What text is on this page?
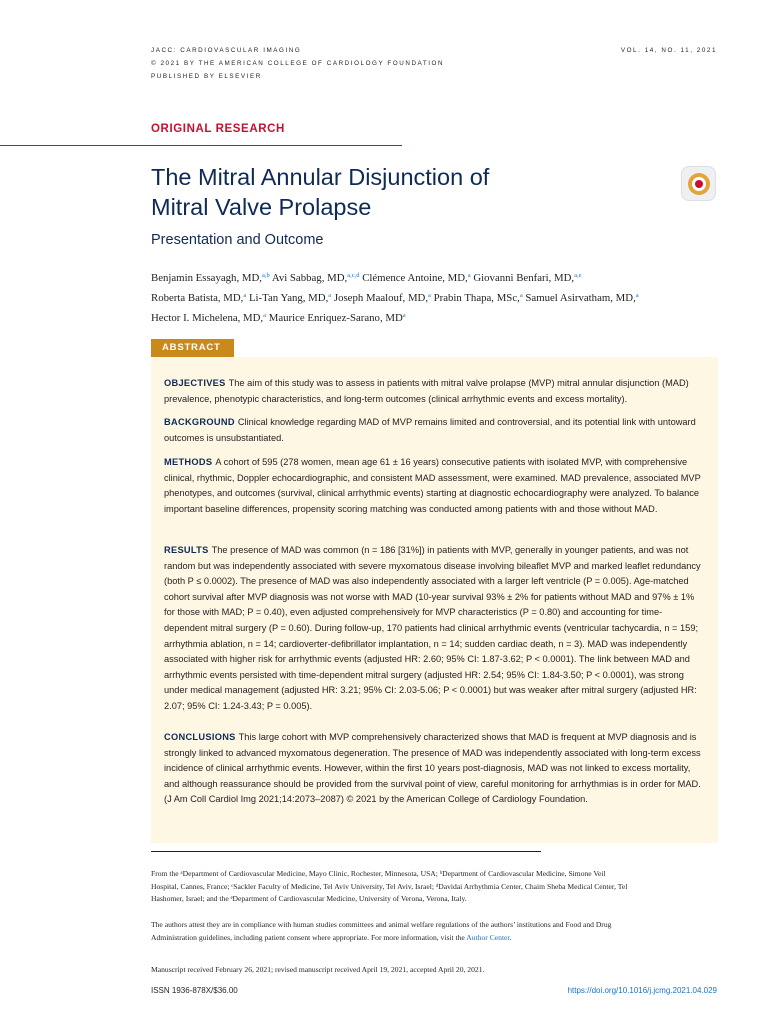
JACC: CARDIOVASCULAR IMAGING
© 2021 BY THE AMERICAN COLLEGE OF CARDIOLOGY FOUNDATION
PUBLISHED BY ELSEVIER
VOL. 14, NO. 11, 2021
ORIGINAL RESEARCH
The Mitral Annular Disjunction of
Mitral Valve Prolapse
Presentation and Outcome
Benjamin Essayagh, MD,$^{a,b}$ Avi Sabbag, MD,$^{a,c,d}$ Clémence Antoine, MD,$^a$ Giovanni Benfari, MD,$^{a,e}$
Roberta Batista, MD,$^a$ Li-Tan Yang, MD,$^a$ Joseph Maalouf, MD,$^a$ Prabin Thapa, MSc,$^a$ Samuel Asirvatham, MD,$^a$
Hector I. Michelena, MD,$^a$ Maurice Enriquez-Sarano, $MD^a$
ABSTRACT
OBJECTIVES The aim of this study was to assess in patients with mitral valve prolapse (MVP) mitral annular disjunction (MAD) prevalence, phenotypic characteristics, and long-term outcomes (clinical arrhythmic events and excess mortality).
BACKGROUND Clinical knowledge regarding MAD of MVP remains limited and controversial, and its potential link with untoward outcomes is unsubstantiated.
METHODS A cohort of 595 (278 women, mean age 61 ± 16 years) consecutive patients with isolated MVP, with comprehensive clinical, rhythmic, Doppler echocardiographic, and consistent MAD assessment, were examined. MAD prevalence, associated MVP phenotypes, and outcomes (survival, clinical arrhythmic events) starting at diagnostic echocardiography were analyzed. To balance important baseline differences, propensity scoring matching was conducted among patients with and those without MAD.
RESULTS The presence of MAD was common (n = 186 [31%]) in patients with MVP, generally in younger patients, and was not random but was independently associated with severe myxomatous disease involving bileaflet MVP and marked leaflet redundancy (both P ≤ 0.0002). The presence of MAD was also independently associated with a larger left ventricle (P = 0.005). Age-matched cohort survival after MVP diagnosis was not worse with MAD (10-year survival 93% ± 2% for patients without MAD and 97% ± 1% for those with MAD; P = 0.40), even adjusted comprehensively for MVP characteristics (P = 0.80) and accounting for time-dependent mitral surgery (P = 0.60). During follow-up, 170 patients had clinical arrhythmic events (ventricular tachycardia, n = 159; arrhythmia ablation, n = 14; cardioverter-defibrillator implantation, n = 14; sudden cardiac death, n = 3). MAD was independently associated with higher risk for arrhythmic events (adjusted HR: 2.60; 95% CI: 1.87-3.62; P < 0.0001). The link between MAD and arrhythmic events persisted with time-dependent mitral surgery (adjusted HR: 2.54; 95% CI: 1.84-3.50; P < 0.0001), was strong under medical management (adjusted HR: 3.21; 95% CI: 2.03-5.06; P < 0.0001) but was weaker after mitral surgery (adjusted HR: 2.07; 95% CI: 1.24-3.43; P = 0.005).
CONCLUSIONS This large cohort with MVP comprehensively characterized shows that MAD is frequent at MVP diagnosis and is strongly linked to advanced myxomatous degeneration. The presence of MAD was independently associated with long-term excess incidence of clinical arrhythmic events. However, within the first 10 years post-diagnosis, MAD was not linked to excess mortality, and although reassurance should be provided from the survival point of view, careful monitoring for arrhythmias is in order for MAD. (J Am Coll Cardiol Img 2021;14:2073–2087) © 2021 by the American College of Cardiology Foundation.
From the ᵃDepartment of Cardiovascular Medicine, Mayo Clinic, Rochester, Minnesota, USA; ᵇDepartment of Cardiovascular Medicine, Simone Veil Hospital, Cannes, France; ᶜSackler Faculty of Medicine, Tel Aviv University, Tel Aviv, Israel; ᵈDavidai Arrhythmia Center, Chaim Sheba Medical Center, Tel Hashomer, Israel; and the ᵉDepartment of Cardiovascular Medicine, University of Verona, Verona, Italy.
The authors attest they are in compliance with human studies committees and animal welfare regulations of the authors’ institutions and Food and Drug Administration guidelines, including patient consent where appropriate. For more information, visit the Author Center.
Manuscript received February 26, 2021; revised manuscript received April 19, 2021, accepted April 20, 2021.
ISSN 1936-878X/$36.00	https://doi.org/10.1016/j.jcmg.2021.04.029
